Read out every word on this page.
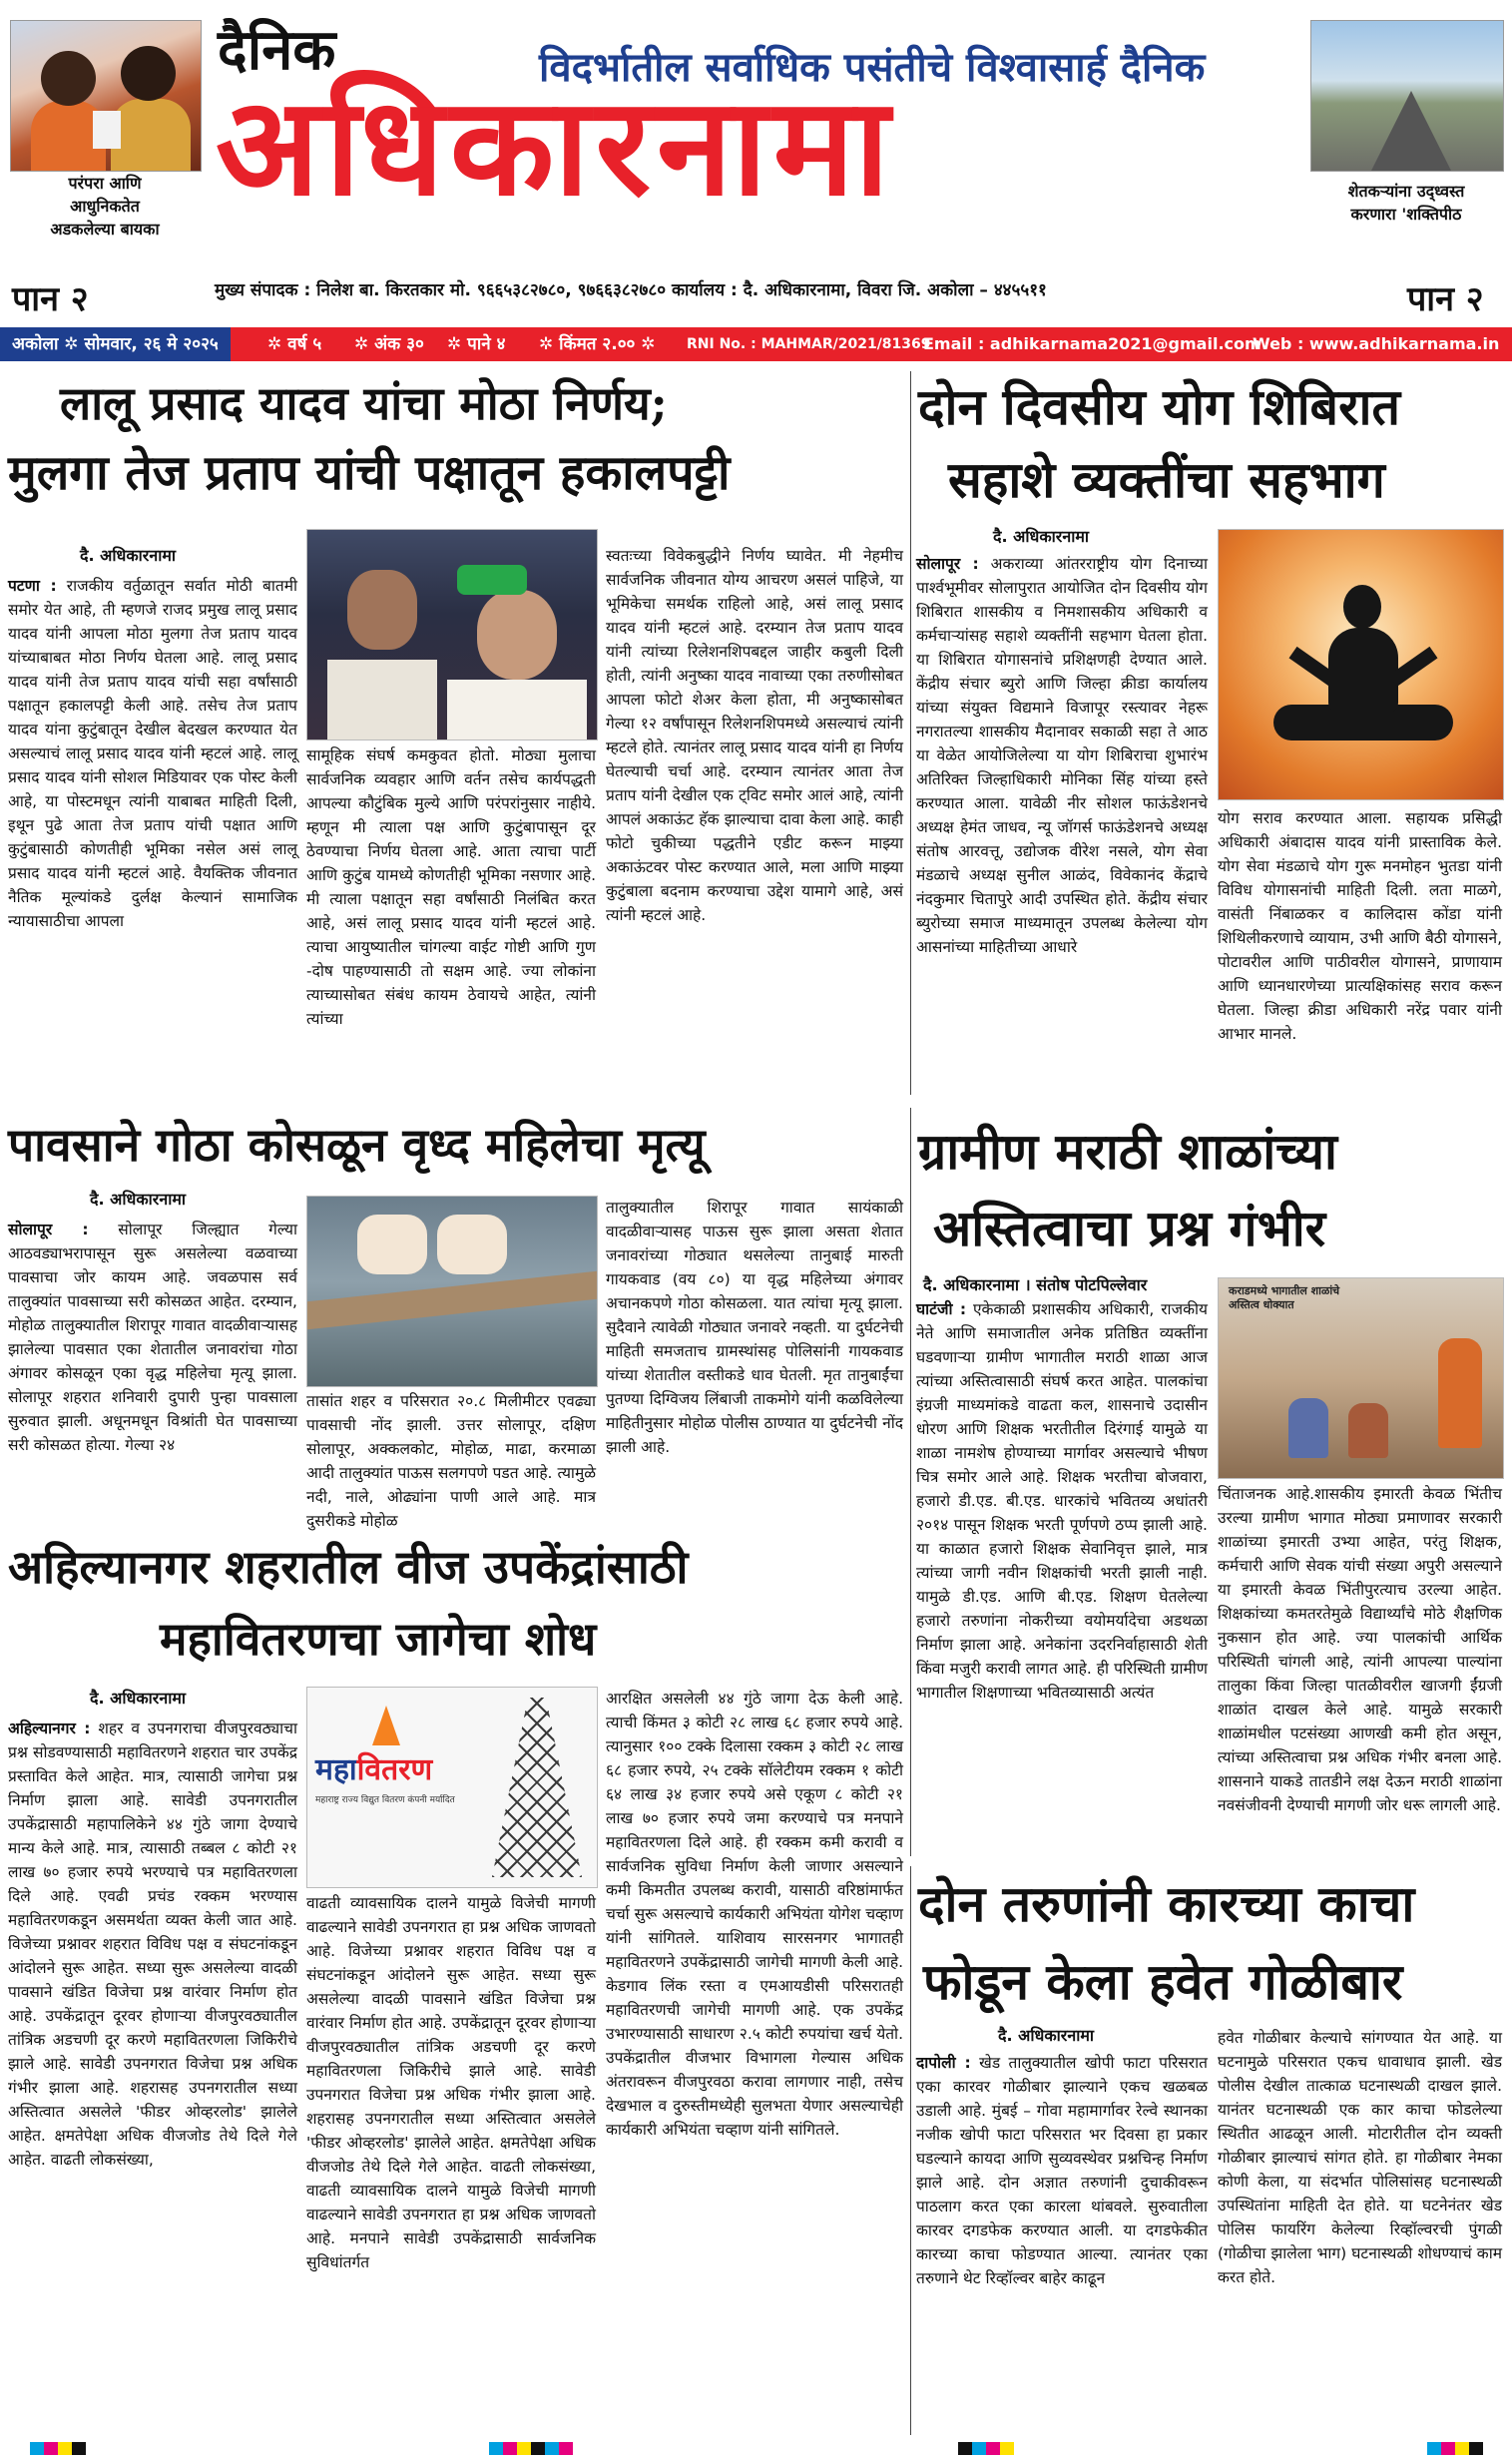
परंपरा आणि
आधुनिकतेत
अडकलेल्या बायका
दैनिक	विदर्भातील सर्वाधिक पसंतीचे विश्वासार्ह दैनिक
अधिकारनामा	शेतकऱ्यांना उद्ध्वस्त
करणारा 'शक्तिपीठ
पान २	मुख्य संपादक : निलेश बा. किरतकार मो. ९६६५३८२७८०, ९७६६३८२७८० कार्यालय : दै. अधिकारनामा, विवरा जि. अकोला – ४४५५११	पान २
अकोला ✲ सोमवार, २६ मे २०२५	✲ वर्ष ५ ✲ अंक ३० ✲ पाने ४ ✲ किंमत २.०० ✲ RNI No. : MAHMAR/2021/81369
Email : adhikarnama2021@gmail.com
Web : www.adhikarnama.in
लालू प्रसाद यादव यांचा मोठा निर्णय;
मुलगा तेज प्रताप यांची पक्षातून हकालपट्टी
दै. अधिकारनामा
पटणा : राजकीय वर्तुळातून सर्वात मोठी बातमी समोर येत आहे, ती म्हणजे राजद प्रमुख लालू प्रसाद यादव यांनी आपला मोठा मुलगा तेज प्रताप यादव यांच्याबाबत मोठा निर्णय घेतला आहे. लालू प्रसाद यादव यांनी तेज प्रताप यादव यांची सहा वर्षांसाठी पक्षातून हकालपट्टी केली आहे. तसेच तेज प्रताप यादव यांना कुटुंबातून देखील बेदखल करण्यात येत असल्याचं लालू प्रसाद यादव यांनी म्हटलं आहे. लालू प्रसाद यादव यांनी सोशल मिडियावर एक पोस्ट केली आहे, या पोस्टमधून त्यांनी याबाबत माहिती दिली, इथून पुढे आता तेज प्रताप यांची पक्षात आणि कुटुंबासाठी कोणतीही भूमिका नसेल असं लालू प्रसाद यादव यांनी म्हटलं आहे. वैयक्तिक जीवनात नैतिक मूल्यांकडे दुर्लक्ष केल्यानं सामाजिक न्यायासाठीचा आपला
सामूहिक संघर्ष कमकुवत होतो. मोठ्या मुलाचा सार्वजनिक व्यवहार आणि वर्तन तसेच कार्यपद्धती आपल्या कौटुंबिक मुल्ये आणि परंपरांनुसार नाहीये. म्हणून मी त्याला पक्ष आणि कुटुंबापासून दूर ठेवण्याचा निर्णय घेतला आहे. आता त्याचा पार्टी आणि कुटुंब यामध्ये कोणतीही भूमिका नसणार आहे. मी त्याला पक्षातून सहा वर्षांसाठी निलंबित करत आहे, असं लालू प्रसाद यादव यांनी म्हटलं आहे. त्याचा आयुष्यातील चांगल्या वाईट गोष्टी आणि गुण -दोष पाहण्यासाठी तो सक्षम आहे. ज्या लोकांना त्याच्यासोबत संबंध कायम ठेवायचे आहेत, त्यांनी त्यांच्या
स्वतःच्या विवेकबुद्धीने निर्णय घ्यावेत. मी नेहमीच सार्वजनिक जीवनात योग्य आचरण असलं पाहिजे, या भूमिकेचा समर्थक राहिलो आहे, असं लालू प्रसाद यादव यांनी म्हटलं आहे. दरम्यान तेज प्रताप यादव यांनी त्यांच्या रिलेशनशिपबद्दल जाहीर कबुली दिली होती, त्यांनी अनुष्का यादव नावाच्या एका तरुणीसोबत आपला फोटो शेअर केला होता, मी अनुष्कासोबत गेल्या १२ वर्षांपासून रिलेशनशिपमध्ये असल्याचं त्यांनी म्हटले होते. त्यानंतर लालू प्रसाद यादव यांनी हा निर्णय घेतल्याची चर्चा आहे. दरम्यान त्यानंतर आता तेज प्रताप यांनी देखील एक ट्विट समोर आलं आहे, त्यांनी आपलं अकाऊंट हॅक झाल्याचा दावा केला आहे. काही फोटो चुकीच्या पद्धतीने एडीट करून माझ्या अकाऊंटवर पोस्ट करण्यात आले, मला आणि माझ्या कुटुंबाला बदनाम करण्याचा उद्देश यामागे आहे, असं त्यांनी म्हटलं आहे.
दोन दिवसीय योग शिबिरात
सहाशे व्यक्तींचा सहभाग
दै. अधिकारनामा
सोलापूर : अकराव्या आंतरराष्ट्रीय योग दिनाच्या पार्श्वभूमीवर सोलापुरात आयोजित दोन दिवसीय योग शिबिरात शासकीय व निमशासकीय अधिकारी व कर्मचाऱ्यांसह सहाशे व्यक्तींनी सहभाग घेतला होता. या शिबिरात योगासनांचे प्रशिक्षणही देण्यात आले. केंद्रीय संचार ब्युरो आणि जिल्हा क्रीडा कार्यालय यांच्या संयुक्त विद्यमाने विजापूर रस्त्यावर नेहरू नगरातल्या शासकीय मैदानावर सकाळी सहा ते आठ या वेळेत आयोजिलेल्या या योग शिबिराचा शुभारंभ अतिरिक्त जिल्हाधिकारी मोनिका सिंह यांच्या हस्ते करण्यात आला. यावेळी नीर सोशल फाऊंडेशनचे अध्यक्ष हेमंत जाधव, न्यू जॉगर्स फाऊंडेशनचे अध्यक्ष संतोष आरवत्तू, उद्योजक वीरेश नसले, योग सेवा मंडळाचे अध्यक्ष सुनील आळंद, विवेकानंद केंद्राचे नंदकुमार चितापुरे आदी उपस्थित होते. केंद्रीय संचार ब्युरोच्या समाज माध्यमातून उपलब्ध केलेल्या योग आसनांच्या माहितीच्या आधारे
योग सराव करण्यात आला. सहायक प्रसिद्धी अधिकारी अंबादास यादव यांनी प्रास्ताविक केले. योग सेवा मंडळाचे योग गुरू मनमोहन भुतडा यांनी विविध योगासनांची माहिती दिली. लता माळगे, वासंती निंबाळकर व कालिदास कोंडा यांनी शिथिलीकरणाचे व्यायाम, उभी आणि बैठी योगासने, पोटावरील आणि पाठीवरील योगासने, प्राणायाम आणि ध्यानधारणेच्या प्रात्यक्षिकांसह सराव करून घेतला. जिल्हा क्रीडा अधिकारी नरेंद्र पवार यांनी आभार मानले.
पावसाने गोठा कोसळून वृध्द महिलेचा मृत्यू
दै. अधिकारनामा
सोलापूर : सोलापूर जिल्ह्यात गेल्या आठवड्याभरापासून सुरू असलेल्या वळवाच्या पावसाचा जोर कायम आहे. जवळपास सर्व तालुक्यांत पावसाच्या सरी कोसळत आहेत. दरम्यान, मोहोळ तालुक्यातील शिरापूर गावात वादळीवाऱ्यासह झालेल्या पावसात एका शेतातील जनावरांचा गोठा अंगावर कोसळून एका वृद्ध महिलेचा मृत्यू झाला. सोलापूर शहरात शनिवारी दुपारी पुन्हा पावसाला सुरुवात झाली. अधूनमधून विश्रांती घेत पावसाच्या सरी कोसळत होत्या. गेल्या २४
तासांत शहर व परिसरात २०.८ मिलीमीटर एवढ्या पावसाची नोंद झाली. उत्तर सोलापूर, दक्षिण सोलापूर, अक्कलकोट, मोहोळ, माढा, करमाळा आदी तालुक्यांत पाऊस सलगपणे पडत आहे. त्यामुळे नदी, नाले, ओढ्यांना पाणी आले आहे. मात्र दुसरीकडे मोहोळ
तालुक्यातील शिरापूर गावात सायंकाळी वादळीवाऱ्यासह पाऊस सुरू झाला असता शेतात जनावरांच्या गोठ्यात थसलेल्या तानुबाई मारुती गायकवाड (वय ८०) या वृद्ध महिलेच्या अंगावर अचानकपणे गोठा कोसळला. यात त्यांचा मृत्यू झाला. सुदैवाने त्यावेळी गोठ्यात जनावरे नव्हती. या दुर्घटनेची माहिती समजताच ग्रामस्थांसह पोलिसांनी गायकवाड यांच्या शेतातील वस्तीकडे धाव घेतली. मृत तानुबाईंचा पुतण्या दिग्विजय लिंबाजी ताकमोगे यांनी कळविलेल्या माहितीनुसार मोहोळ पोलीस ठाण्यात या दुर्घटनेची नोंद झाली आहे.
ग्रामीण मराठी शाळांच्या
अस्तित्वाचा प्रश्न गंभीर
दै. अधिकारनामा । संतोष पोटपिल्लेवार
घाटंजी : एकेकाळी प्रशासकीय अधिकारी, राजकीय नेते आणि समाजातील अनेक प्रतिष्ठित व्यक्तींना घडवणाऱ्या ग्रामीण भागातील मराठी शाळा आज त्यांच्या अस्तित्वासाठी संघर्ष करत आहेत. पालकांचा इंग्रजी माध्यमांकडे वाढता कल, शासनाचे उदासीन धोरण आणि शिक्षक भरतीतील दिरंगाई यामुळे या शाळा नामशेष होण्याच्या मार्गावर असल्याचे भीषण चित्र समोर आले आहे. शिक्षक भरतीचा बोजवारा, हजारो डी.एड. बी.एड. धारकांचे भवितव्य अधांतरी २०१४ पासून शिक्षक भरती पूर्णपणे ठप्प झाली आहे. या काळात हजारो शिक्षक सेवानिवृत्त झाले, मात्र त्यांच्या जागी नवीन शिक्षकांची भरती झाली नाही. यामुळे डी.एड. आणि बी.एड. शिक्षण घेतलेल्या हजारो तरुणांना नोकरीच्या वयोमर्यादेचा अडथळा निर्माण झाला आहे. अनेकांना उदरनिर्वाहासाठी शेती किंवा मजुरी करावी लागत आहे. ही परिस्थिती ग्रामीण भागातील शिक्षणाच्या भवितव्यासाठी अत्यंत
कराडमध्ये भागातील शाळांचे अस्तित्व धोक्यात
चिंताजनक आहे.शासकीय इमारती केवळ भिंतीच उरल्या ग्रामीण भागात मोठ्या प्रमाणावर सरकारी शाळांच्या इमारती उभ्या आहेत, परंतु शिक्षक, कर्मचारी आणि सेवक यांची संख्या अपुरी असल्याने या इमारती केवळ भिंतीपुरत्याच उरल्या आहेत. शिक्षकांच्या कमतरतेमुळे विद्यार्थ्यांचे मोठे शैक्षणिक नुकसान होत आहे. ज्या पालकांची आर्थिक परिस्थिती चांगली आहे, त्यांनी आपल्या पाल्यांना तालुका किंवा जिल्हा पातळीवरील खाजगी ईंग्रजी शाळांत दाखल केले आहे. यामुळे सरकारी शाळांमधील पटसंख्या आणखी कमी होत असून, त्यांच्या अस्तित्वाचा प्रश्न अधिक गंभीर बनला आहे. शासनाने याकडे तातडीने लक्ष देऊन मराठी शाळांना नवसंजीवनी देण्याची मागणी जोर धरू लागली आहे.
अहिल्यानगर शहरातील वीज उपकेंद्रांसाठी
महावितरणचा जागेचा शोध
दै. अधिकारनामा
अहिल्यानगर : शहर व उपनगराचा वीजपुरवठ्याचा प्रश्न सोडवण्यासाठी महावितरणने शहरात चार उपकेंद्र प्रस्तावित केले आहेत. मात्र, त्यासाठी जागेचा प्रश्न निर्माण झाला आहे. सावेडी उपनगरातील उपकेंद्रासाठी महापालिकेने ४४ गुंठे जागा देण्याचे मान्य केले आहे. मात्र, त्यासाठी तब्बल ८ कोटी २१ लाख ७० हजार रुपये भरण्याचे पत्र महावितरणला दिले आहे. एवढी प्रचंड रक्कम भरण्यास महावितरणकडून असमर्थता व्यक्त केली जात आहे. विजेच्या प्रश्नावर शहरात विविध पक्ष व संघटनांकडून आंदोलने सुरू आहेत. सध्या सुरू असलेल्या वादळी पावसाने खंडित विजेचा प्रश्न वारंवार निर्माण होत आहे. उपकेंद्रातून दूरवर होणाऱ्या वीजपुरवठ्यातील तांत्रिक अडचणी दूर करणे महावितरणला जिकिरीचे झाले आहे. सावेडी उपनगरात विजेचा प्रश्न अधिक गंभीर झाला आहे. शहरासह उपनगरातील सध्या अस्तित्वात असलेले 'फीडर ओव्हरलोड' झालेले आहेत. क्षमतेपेक्षा अधिक वीजजोड तेथे दिले गेले आहेत. वाढती लोकसंख्या,
महावितरण
महाराष्ट्र राज्य विद्युत वितरण कंपनी मर्यादित
वाढती व्यावसायिक दालने यामुळे विजेची मागणी वाढल्याने सावेडी उपनगरात हा प्रश्न अधिक जाणवतो आहे. विजेच्या प्रश्नावर शहरात विविध पक्ष व संघटनांकडून आंदोलने सुरू आहेत. सध्या सुरू असलेल्या वादळी पावसाने खंडित विजेचा प्रश्न वारंवार निर्माण होत आहे. उपकेंद्रातून दूरवर होणाऱ्या वीजपुरवठ्यातील तांत्रिक अडचणी दूर करणे महावितरणला जिकिरीचे झाले आहे. सावेडी उपनगरात विजेचा प्रश्न अधिक गंभीर झाला आहे. शहरासह उपनगरातील सध्या अस्तित्वात असलेले 'फीडर ओव्हरलोड' झालेले आहेत. क्षमतेपेक्षा अधिक वीजजोड तेथे दिले गेले आहेत. वाढती लोकसंख्या, वाढती व्यावसायिक दालने यामुळे विजेची मागणी वाढल्याने सावेडी उपनगरात हा प्रश्न अधिक जाणवतो आहे. मनपाने सावेडी उपकेंद्रासाठी सार्वजनिक सुविधांतर्गत
आरक्षित असलेली ४४ गुंठे जागा देऊ केली आहे. त्याची किंमत ३ कोटी २८ लाख ६८ हजार रुपये आहे. त्यानुसार १०० टक्के दिलासा रक्कम ३ कोटी २८ लाख ६८ हजार रुपये, २५ टक्के सॉलेटीयम रक्कम १ कोटी ६४ लाख ३४ हजार रुपये असे एकूण ८ कोटी २१ लाख ७० हजार रुपये जमा करण्याचे पत्र मनपाने महावितरणला दिले आहे. ही रक्कम कमी करावी व सार्वजनिक सुविधा निर्माण केली जाणार असल्याने कमी किमतीत उपलब्ध करावी, यासाठी वरिष्ठांमार्फत चर्चा सुरू असल्याचे कार्यकारी अभियंता योगेश चव्हाण यांनी सांगितले. याशिवाय सारसनगर भागातही महावितरणने उपकेंद्रासाठी जागेची मागणी केली आहे. केडगाव लिंक रस्ता व एमआयडीसी परिसरातही महावितरणची जागेची मागणी आहे. एक उपकेंद्र उभारण्यासाठी साधारण २.५ कोटी रुपयांचा खर्च येतो. उपकेंद्रातील वीजभार विभागला गेल्यास अधिक अंतरावरून वीजपुरवठा करावा लागणार नाही, तसेच देखभाल व दुरुस्तीमध्येही सुलभता येणार असल्याचेही कार्यकारी अभियंता चव्हाण यांनी सांगितले.
दोन तरुणांनी कारच्या काचा
फोडून केला हवेत गोळीबार
दै. अधिकारनामा
दापोली : खेड तालुक्यातील खोपी फाटा परिसरात एका कारवर गोळीबार झाल्याने एकच खळबळ उडाली आहे. मुंबई – गोवा महामार्गावर रेल्वे स्थानका नजीक खोपी फाटा परिसरात भर दिवसा हा प्रकार घडल्याने कायदा आणि सुव्यवस्थेवर प्रश्नचिन्ह निर्माण झाले आहे. दोन अज्ञात तरुणांनी दुचाकीवरून पाठलाग करत एका कारला थांबवले. सुरुवातीला कारवर दगडफेक करण्यात आली. या दगडफेकीत कारच्या काचा फोडण्यात आल्या. त्यानंतर एका तरुणाने थेट रिव्हॉल्वर बाहेर काढून
हवेत गोळीबार केल्याचे सांगण्यात येत आहे. या घटनामुळे परिसरात एकच धावाधाव झाली. खेड पोलीस देखील तात्काळ घटनास्थळी दाखल झाले. यानंतर घटनास्थळी एक कार काचा फोडलेल्या स्थितीत आढळून आली. मोटारीतील दोन व्यक्ती गोळीबार झाल्याचं सांगत होते. हा गोळीबार नेमका कोणी केला, या संदर्भात पोलिसांसह घटनास्थळी उपस्थितांना माहिती देत होते. या घटनेनंतर खेड पोलिस फायरिंग केलेल्या रिव्हॉल्वरची पुंगळी (गोळीचा झालेला भाग) घटनास्थळी शोधण्याचं काम करत होते.
